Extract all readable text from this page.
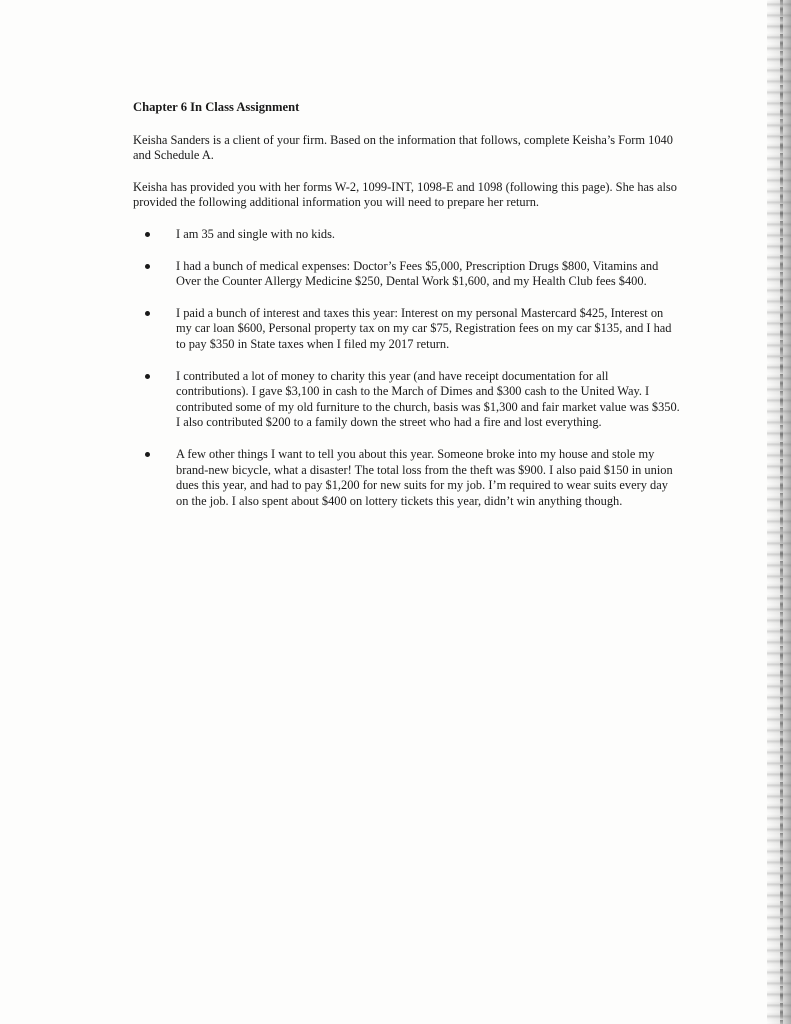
Chapter 6 In Class Assignment

Keisha Sanders is a client of your firm. Based on the information that follows, complete Keisha’s Form 1040 and Schedule A.

Keisha has provided you with her forms W-2, 1099-INT, 1098-E and 1098 (following this page). She has also provided the following additional information you will need to prepare her return.

I am 35 and single with no kids.
I had a bunch of medical expenses: Doctor’s Fees $5,000, Prescription Drugs $800, Vitamins and Over the Counter Allergy Medicine $250, Dental Work $1,600, and my Health Club fees $400.
I paid a bunch of interest and taxes this year: Interest on my personal Mastercard $425, Interest on my car loan $600, Personal property tax on my car $75, Registration fees on my car $135, and I had to pay $350 in State taxes when I filed my 2017 return.
I contributed a lot of money to charity this year (and have receipt documentation for all contributions). I gave $3,100 in cash to the March of Dimes and $300 cash to the United Way. I contributed some of my old furniture to the church, basis was $1,300 and fair market value was $350. I also contributed $200 to a family down the street who had a fire and lost everything.
A few other things I want to tell you about this year. Someone broke into my house and stole my brand-new bicycle, what a disaster! The total loss from the theft was $900. I also paid $150 in union dues this year, and had to pay $1,200 for new suits for my job. I’m required to wear suits every day on the job. I also spent about $400 on lottery tickets this year, didn’t win anything though.
